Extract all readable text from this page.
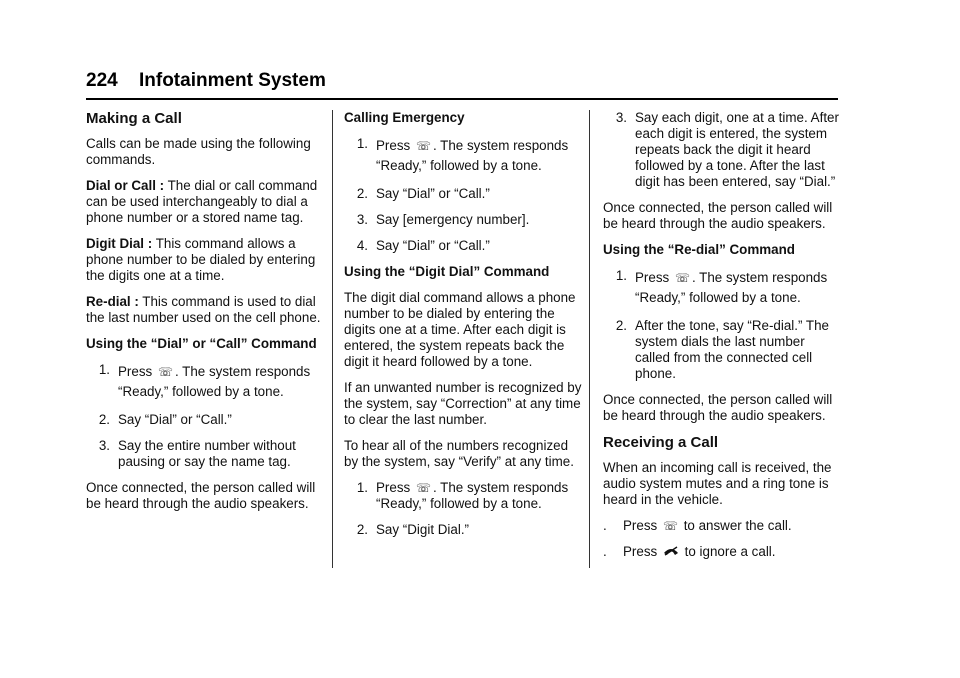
224 Infotainment System
Making a Call

Calls can be made using the following commands.

Dial or Call : The dial or call command can be used interchangeably to dial a phone number or a stored name tag.

Digit Dial : This command allows a phone number to be dialed by entering the digits one at a time.

Re-dial : This command is used to dial the last number used on the cell phone.

Using the “Dial” or “Call” Command

1. Press ☏ . The system responds “Ready,” followed by a tone.
2. Say “Dial” or “Call.”
3. Say the entire number without pausing or say the name tag.

Once connected, the person called will be heard through the audio speakers.

Calling Emergency

1. Press ☏ . The system responds “Ready,” followed by a tone.
2. Say “Dial” or “Call.”
3. Say [emergency number].
4. Say “Dial” or “Call.”

Using the “Digit Dial” Command

The digit dial command allows a phone number to be dialed by entering the digits one at a time. After each digit is entered, the system repeats back the digit it heard followed by a tone.

If an unwanted number is recognized by the system, say “Correction” at any time to clear the last number.

To hear all of the numbers recognized by the system, say “Verify” at any time.

1. Press ☏ . The system responds “Ready,” followed by a tone.
2. Say “Digit Dial.”
3. Say each digit, one at a time. After each digit is entered, the system repeats back the digit it heard followed by a tone. After the last digit has been entered, say “Dial.”

Once connected, the person called will be heard through the audio speakers.

Using the “Re-dial” Command

1. Press ☏ . The system responds “Ready,” followed by a tone.
2. After the tone, say “Re-dial.” The system dials the last number called from the connected cell phone.

Once connected, the person called will be heard through the audio speakers.

Receiving a Call

When an incoming call is received, the audio system mutes and a ring tone is heard in the vehicle.

.	Press ☏ to answer the call.
.	Press  to ignore a call.
